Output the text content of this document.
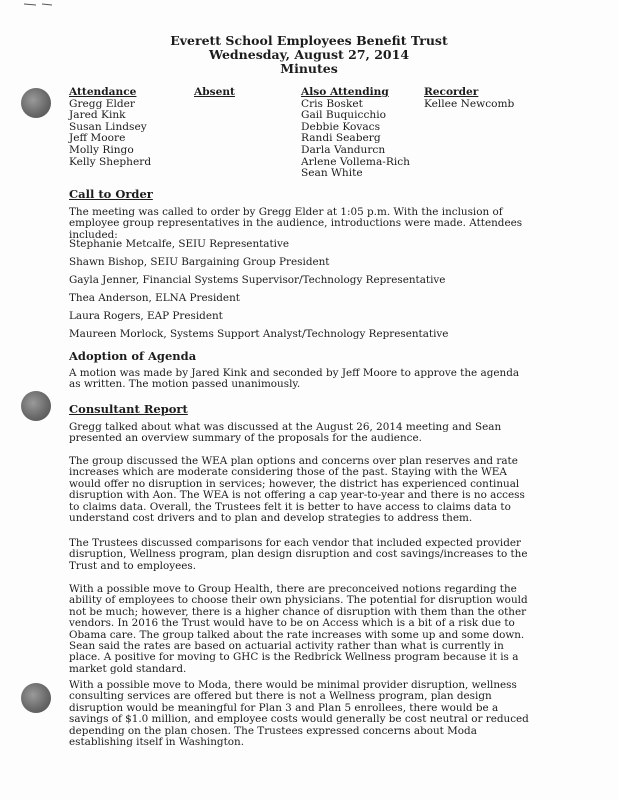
Everett School Employees Benefit Trust
Wednesday, August 27, 2014
Minutes
Attendance
Gregg Elder
Jared Kink
Susan Lindsey
Jeff Moore
Molly Ringo
Kelly Shepherd
Absent	Also Attending
Cris Bosket
Gail Buquicchio
Debbie Kovacs
Randi Seaberg
Darla Vandurcn
Arlene Vollema-Rich
Sean White
Recorder
Kellee Newcomb
Call to Order
The meeting was called to order by Gregg Elder at 1:05 p.m. With the inclusion of employee group representatives in the audience, introductions were made. Attendees included:
Stephanie Metcalfe, SEIU Representative
Shawn Bishop, SEIU Bargaining Group President
Gayla Jenner, Financial Systems Supervisor/Technology Representative
Thea Anderson, ELNA President
Laura Rogers, EAP President
Maureen Morlock, Systems Support Analyst/Technology Representative
Adoption of Agenda
A motion was made by Jared Kink and seconded by Jeff Moore to approve the agenda as written. The motion passed unanimously.
Consultant Report
Gregg talked about what was discussed at the August 26, 2014 meeting and Sean presented an overview summary of the proposals for the audience.
The group discussed the WEA plan options and concerns over plan reserves and rate increases which are moderate considering those of the past. Staying with the WEA would offer no disruption in services; however, the district has experienced continual disruption with Aon. The WEA is not offering a cap year-to-year and there is no access to claims data. Overall, the Trustees felt it is better to have access to claims data to understand cost drivers and to plan and develop strategies to address them.
The Trustees discussed comparisons for each vendor that included expected provider disruption, Wellness program, plan design disruption and cost savings/increases to the Trust and to employees.
With a possible move to Group Health, there are preconceived notions regarding the ability of employees to choose their own physicians. The potential for disruption would not be much; however, there is a higher chance of disruption with them than the other vendors. In 2016 the Trust would have to be on Access which is a bit of a risk due to Obama care. The group talked about the rate increases with some up and some down. Sean said the rates are based on actuarial activity rather than what is currently in place. A positive for moving to GHC is the Redbrick Wellness program because it is a market gold standard.
With a possible move to Moda, there would be minimal provider disruption, wellness consulting services are offered but there is not a Wellness program, plan design disruption would be meaningful for Plan 3 and Plan 5 enrollees, there would be a savings of $1.0 million, and employee costs would generally be cost neutral or reduced depending on the plan chosen. The Trustees expressed concerns about Moda establishing itself in Washington.
